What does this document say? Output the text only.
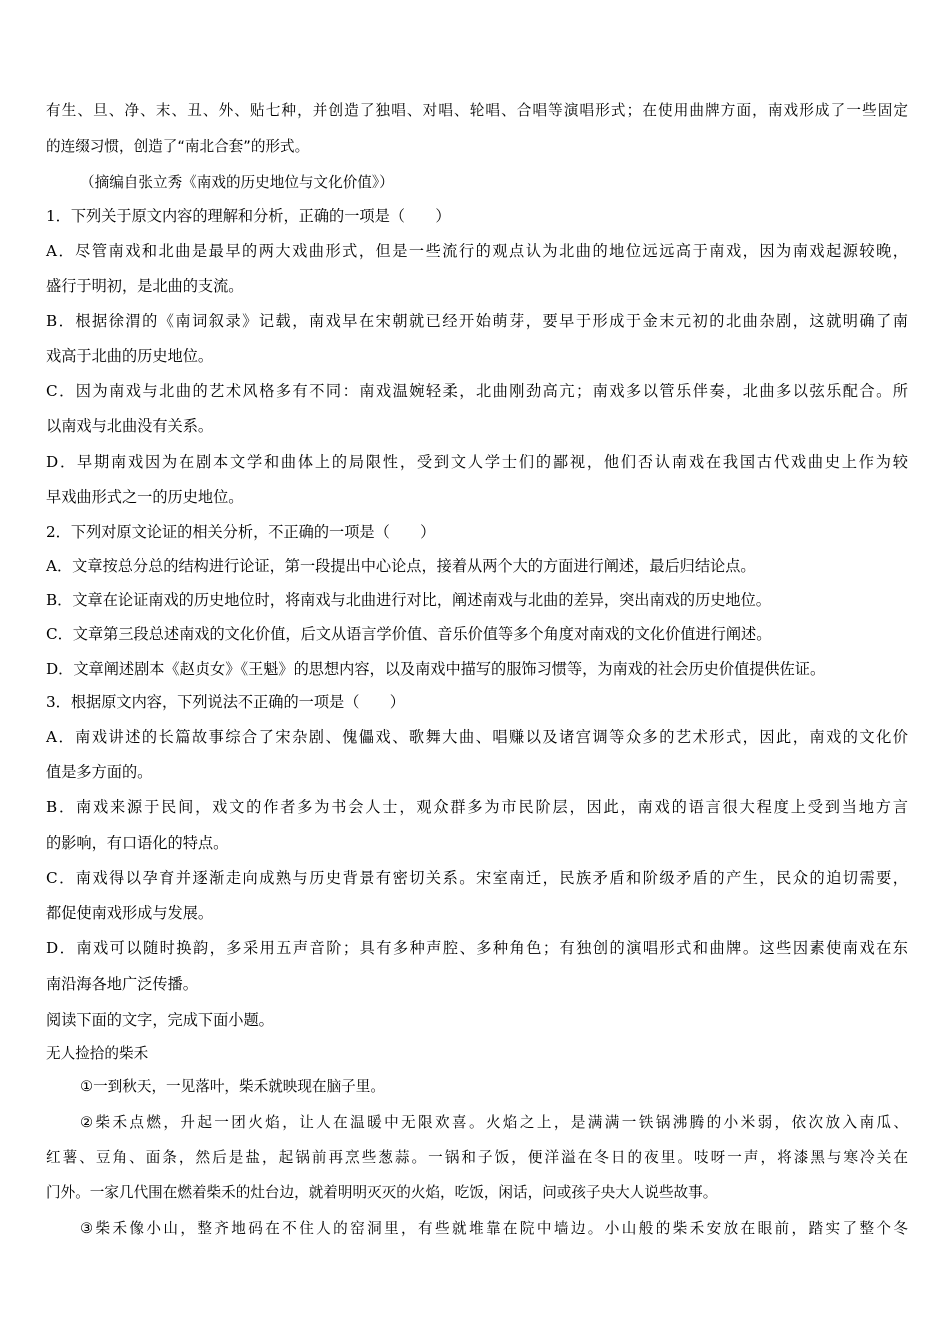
有生、旦、净、末、丑、外、贴七种，并创造了独唱、对唱、轮唱、合唱等演唱形式；在使用曲牌方面，南戏形成了一些固定
的连缀习惯，创造了“南北合套”的形式。
（摘编自张立秀《南戏的历史地位与文化价值》）
1．下列关于原文内容的理解和分析，正确的一项是（　　）
A．尽管南戏和北曲是最早的两大戏曲形式，但是一些流行的观点认为北曲的地位远远高于南戏，因为南戏起源较晚，
盛行于明初，是北曲的支流。
B．根据徐渭的《南词叙录》记载，南戏早在宋朝就已经开始萌芽，要早于形成于金末元初的北曲杂剧，这就明确了南
戏高于北曲的历史地位。
C．因为南戏与北曲的艺术风格多有不同：南戏温婉轻柔，北曲刚劲高亢；南戏多以管乐伴奏，北曲多以弦乐配合。所
以南戏与北曲没有关系。
D．早期南戏因为在剧本文学和曲体上的局限性，受到文人学士们的鄙视，他们否认南戏在我国古代戏曲史上作为较
早戏曲形式之一的历史地位。
2．下列对原文论证的相关分析，不正确的一项是（　　）
A．文章按总分总的结构进行论证，第一段提出中心论点，接着从两个大的方面进行阐述，最后归结论点。
B．文章在论证南戏的历史地位时，将南戏与北曲进行对比，阐述南戏与北曲的差异，突出南戏的历史地位。
C．文章第三段总述南戏的文化价值，后文从语言学价值、音乐价值等多个角度对南戏的文化价值进行阐述。
D．文章阐述剧本《赵贞女》《王魁》的思想内容，以及南戏中描写的服饰习惯等，为南戏的社会历史价值提供佐证。
3．根据原文内容，下列说法不正确的一项是（　　）
A．南戏讲述的长篇故事综合了宋杂剧、傀儡戏、歌舞大曲、唱赚以及诸宫调等众多的艺术形式，因此，南戏的文化价
值是多方面的。
B．南戏来源于民间，戏文的作者多为书会人士，观众群多为市民阶层，因此，南戏的语言很大程度上受到当地方言
的影响，有口语化的特点。
C．南戏得以孕育并逐渐走向成熟与历史背景有密切关系。宋室南迁，民族矛盾和阶级矛盾的产生，民众的迫切需要，
都促使南戏形成与发展。
D．南戏可以随时换韵，多采用五声音阶；具有多种声腔、多种角色；有独创的演唱形式和曲牌。这些因素使南戏在东
南沿海各地广泛传播。
阅读下面的文字，完成下面小题。
无人捡拾的柴禾
①一到秋天，一见落叶，柴禾就映现在脑子里。
②柴禾点燃，升起一团火焰，让人在温暖中无限欢喜。火焰之上，是满满一铁锅沸腾的小米弱，依次放入南瓜、
红薯、豆角、面条，然后是盐，起锅前再烹些葱蒜。一锅和子饭，便洋溢在冬日的夜里。吱呀一声，将漆黑与寒冷关在
门外。一家几代围在燃着柴禾的灶台边，就着明明灭灭的火焰，吃饭，闲话，问或孩子央大人说些故事。
③柴禾像小山，整齐地码在不住人的窑洞里，有些就堆靠在院中墙边。小山般的柴禾安放在眼前，踏实了整个冬
